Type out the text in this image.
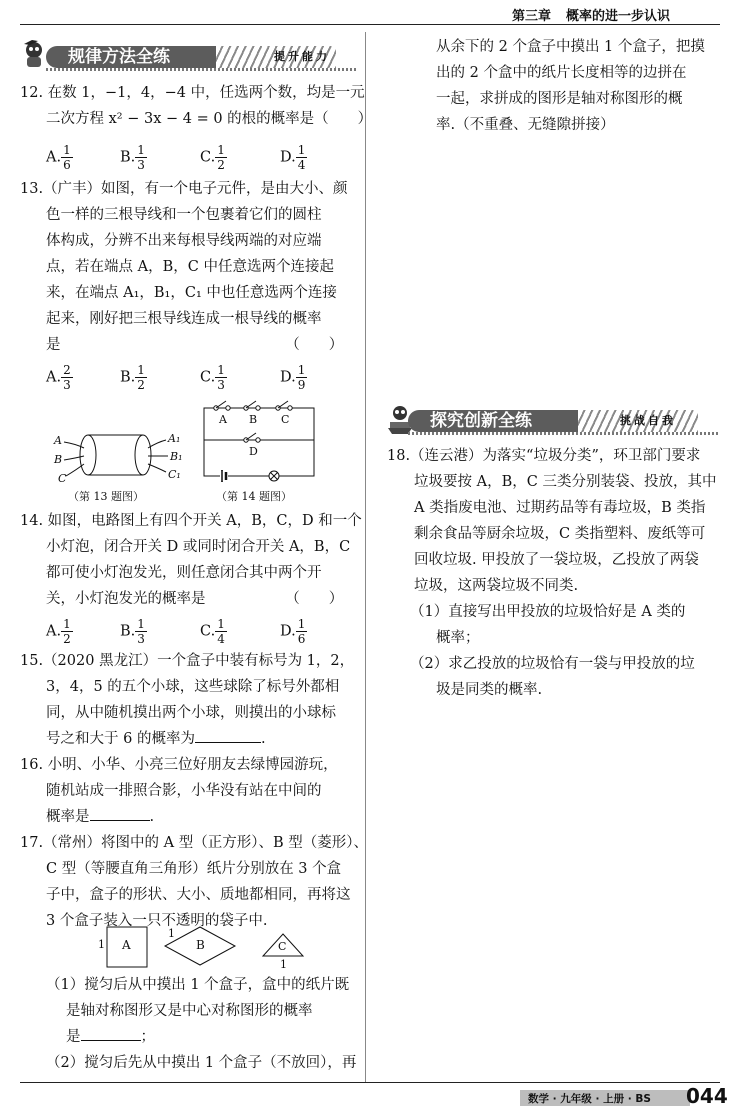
第三章 概率的进一步认识
规律方法全练	提升能力
12. 在数 1，−1，4，−4 中，任选两个数，均是一元
二次方程 x² − 3x − 4 = 0 的根的概率是（　　）
A. $\frac{1}{6}$	B. $\frac{1}{3}$	C. $\frac{1}{2}$	D. $\frac{1}{4}$
13.（广丰）如图，有一个电子元件，是由大小、颜
色一样的三根导线和一个包裹着它们的圆柱
体构成，分辨不出来每根导线两端的对应端
点，若在端点 A，B，C 中任意选两个连接起
来，在端点 A₁，B₁，C₁ 中也任意选两个连接
起来，刚好把三根导线连成一根导线的概率
是　　　　　　　　　　　　　　　　（　　）
A. $\frac{2}{3}$	B. $\frac{1}{2}$	C. $\frac{1}{3}$	D. $\frac{1}{9}$
A
B
C
A₁
B₁
C₁
（第 13 题图）
A B C
D
（第 14 题图）
14. 如图，电路图上有四个开关 A，B，C，D 和一个
小灯泡，闭合开关 D 或同时闭合开关 A，B，C
都可使小灯泡发光，则任意闭合其中两个开
关，小灯泡发光的概率是　　　　　　（　　）
A. $\frac{1}{2}$	B. $\frac{1}{3}$	C. $\frac{1}{4}$	D. $\frac{1}{6}$
15.（2020 黑龙江）一个盒子中装有标号为 1，2，
3，4，5 的五个小球，这些球除了标号外都相
同，从中随机摸出两个小球，则摸出的小球标
号之和大于 6 的概率为	.
16. 小明、小华、小亮三位好朋友去绿博园游玩，
随机站成一排照合影，小华没有站在中间的
概率是	.
17.（常州）将图中的 A 型（正方形）、B 型（菱形）、
C 型（等腰直角三角形）纸片分别放在 3 个盒
子中，盒子的形状、大小、质地都相同，再将这
3 个盒子装入一只不透明的袋子中.
A
1	B
1
C
1
（1）搅匀后从中摸出 1 个盒子，盒中的纸片既
是轴对称图形又是中心对称图形的概率
是	；
（2）搅匀后先从中摸出 1 个盒子（不放回），再
从余下的 2 个盒子中摸出 1 个盒子，把摸
出的 2 个盒中的纸片长度相等的边拼在
一起，求拼成的图形是轴对称图形的概
率.（不重叠、无缝隙拼接）
探究创新全练	挑战自我
18.（连云港）为落实“垃圾分类”，环卫部门要求
垃圾要按 A，B，C 三类分别装袋、投放，其中
A 类指废电池、过期药品等有毒垃圾，B 类指
剩余食品等厨余垃圾，C 类指塑料、废纸等可
回收垃圾. 甲投放了一袋垃圾，乙投放了两袋
垃圾，这两袋垃圾不同类.
（1）直接写出甲投放的垃圾恰好是 A 类的
概率；
（2）求乙投放的垃圾恰有一袋与甲投放的垃
圾是同类的概率.
数学 · 九年级 · 上册 · BS 044
